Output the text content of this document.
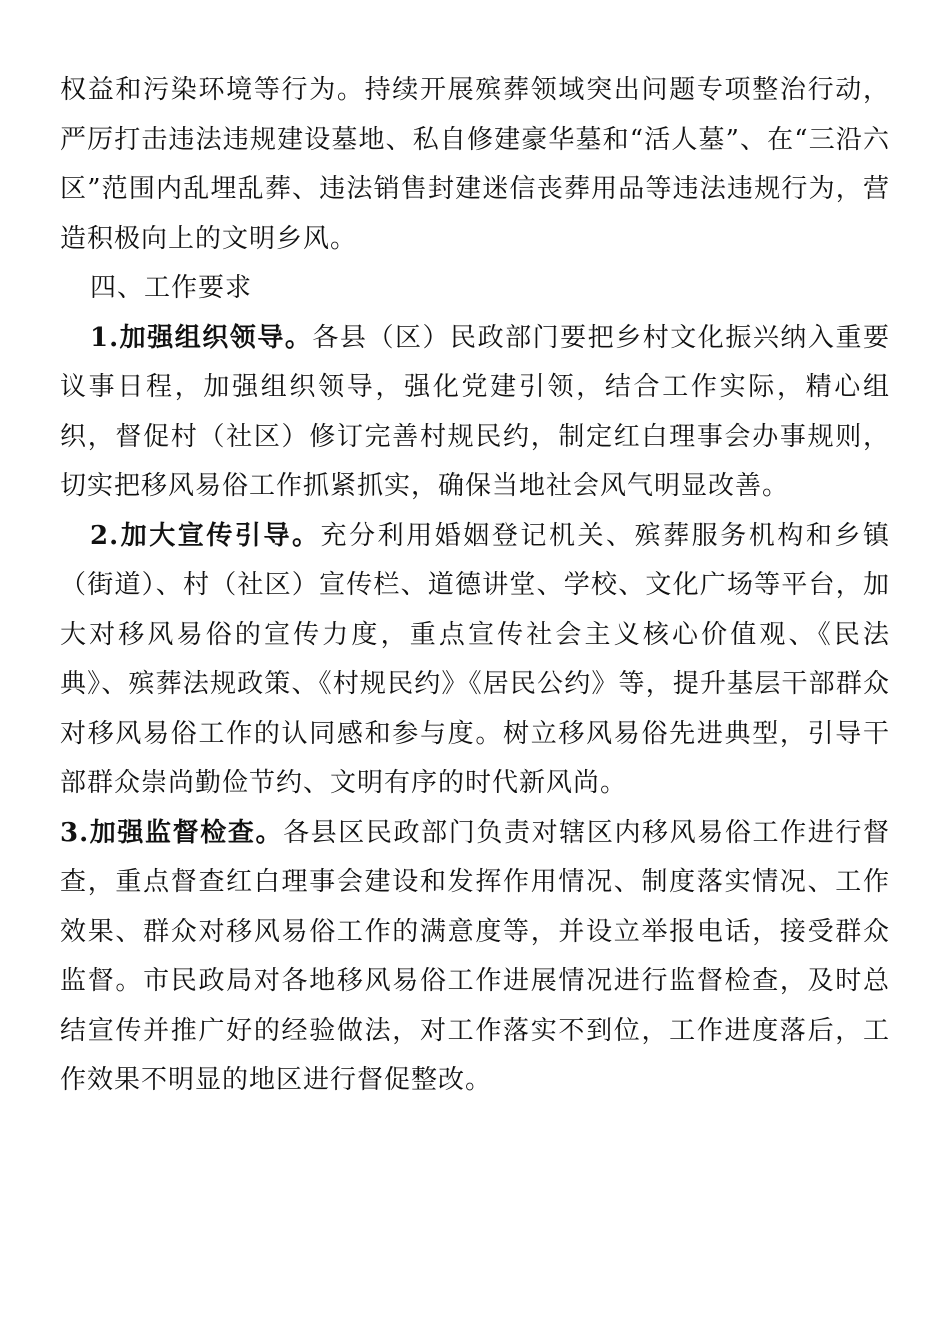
权益和污染环境等行为。持续开展殡葬领域突出问题专项整治行动，严厉打击违法违规建设墓地、私自修建豪华墓和“活人墓”、在“三沿六区”范围内乱埋乱葬、违法销售封建迷信丧葬用品等违法违规行为，营造积极向上的文明乡风。

四、工作要求

1.加强组织领导。各县（区）民政部门要把乡村文化振兴纳入重要议事日程，加强组织领导，强化党建引领，结合工作实际，精心组织，督促村（社区）修订完善村规民约，制定红白理事会办事规则，切实把移风易俗工作抓紧抓实，确保当地社会风气明显改善。

2.加大宣传引导。充分利用婚姻登记机关、殡葬服务机构和乡镇（街道）、村（社区）宣传栏、道德讲堂、学校、文化广场等平台，加大对移风易俗的宣传力度，重点宣传社会主义核心价值观、《民法典》、殡葬法规政策、《村规民约》《居民公约》等，提升基层干部群众对移风易俗工作的认同感和参与度。树立移风易俗先进典型，引导干部群众崇尚勤俭节约、文明有序的时代新风尚。

3.加强监督检查。各县区民政部门负责对辖区内移风易俗工作进行督查，重点督查红白理事会建设和发挥作用情况、制度落实情况、工作效果、群众对移风易俗工作的满意度等，并设立举报电话，接受群众监督。市民政局对各地移风易俗工作进展情况进行监督检查，及时总结宣传并推广好的经验做法，对工作落实不到位，工作进度落后，工作效果不明显的地区进行督促整改。
